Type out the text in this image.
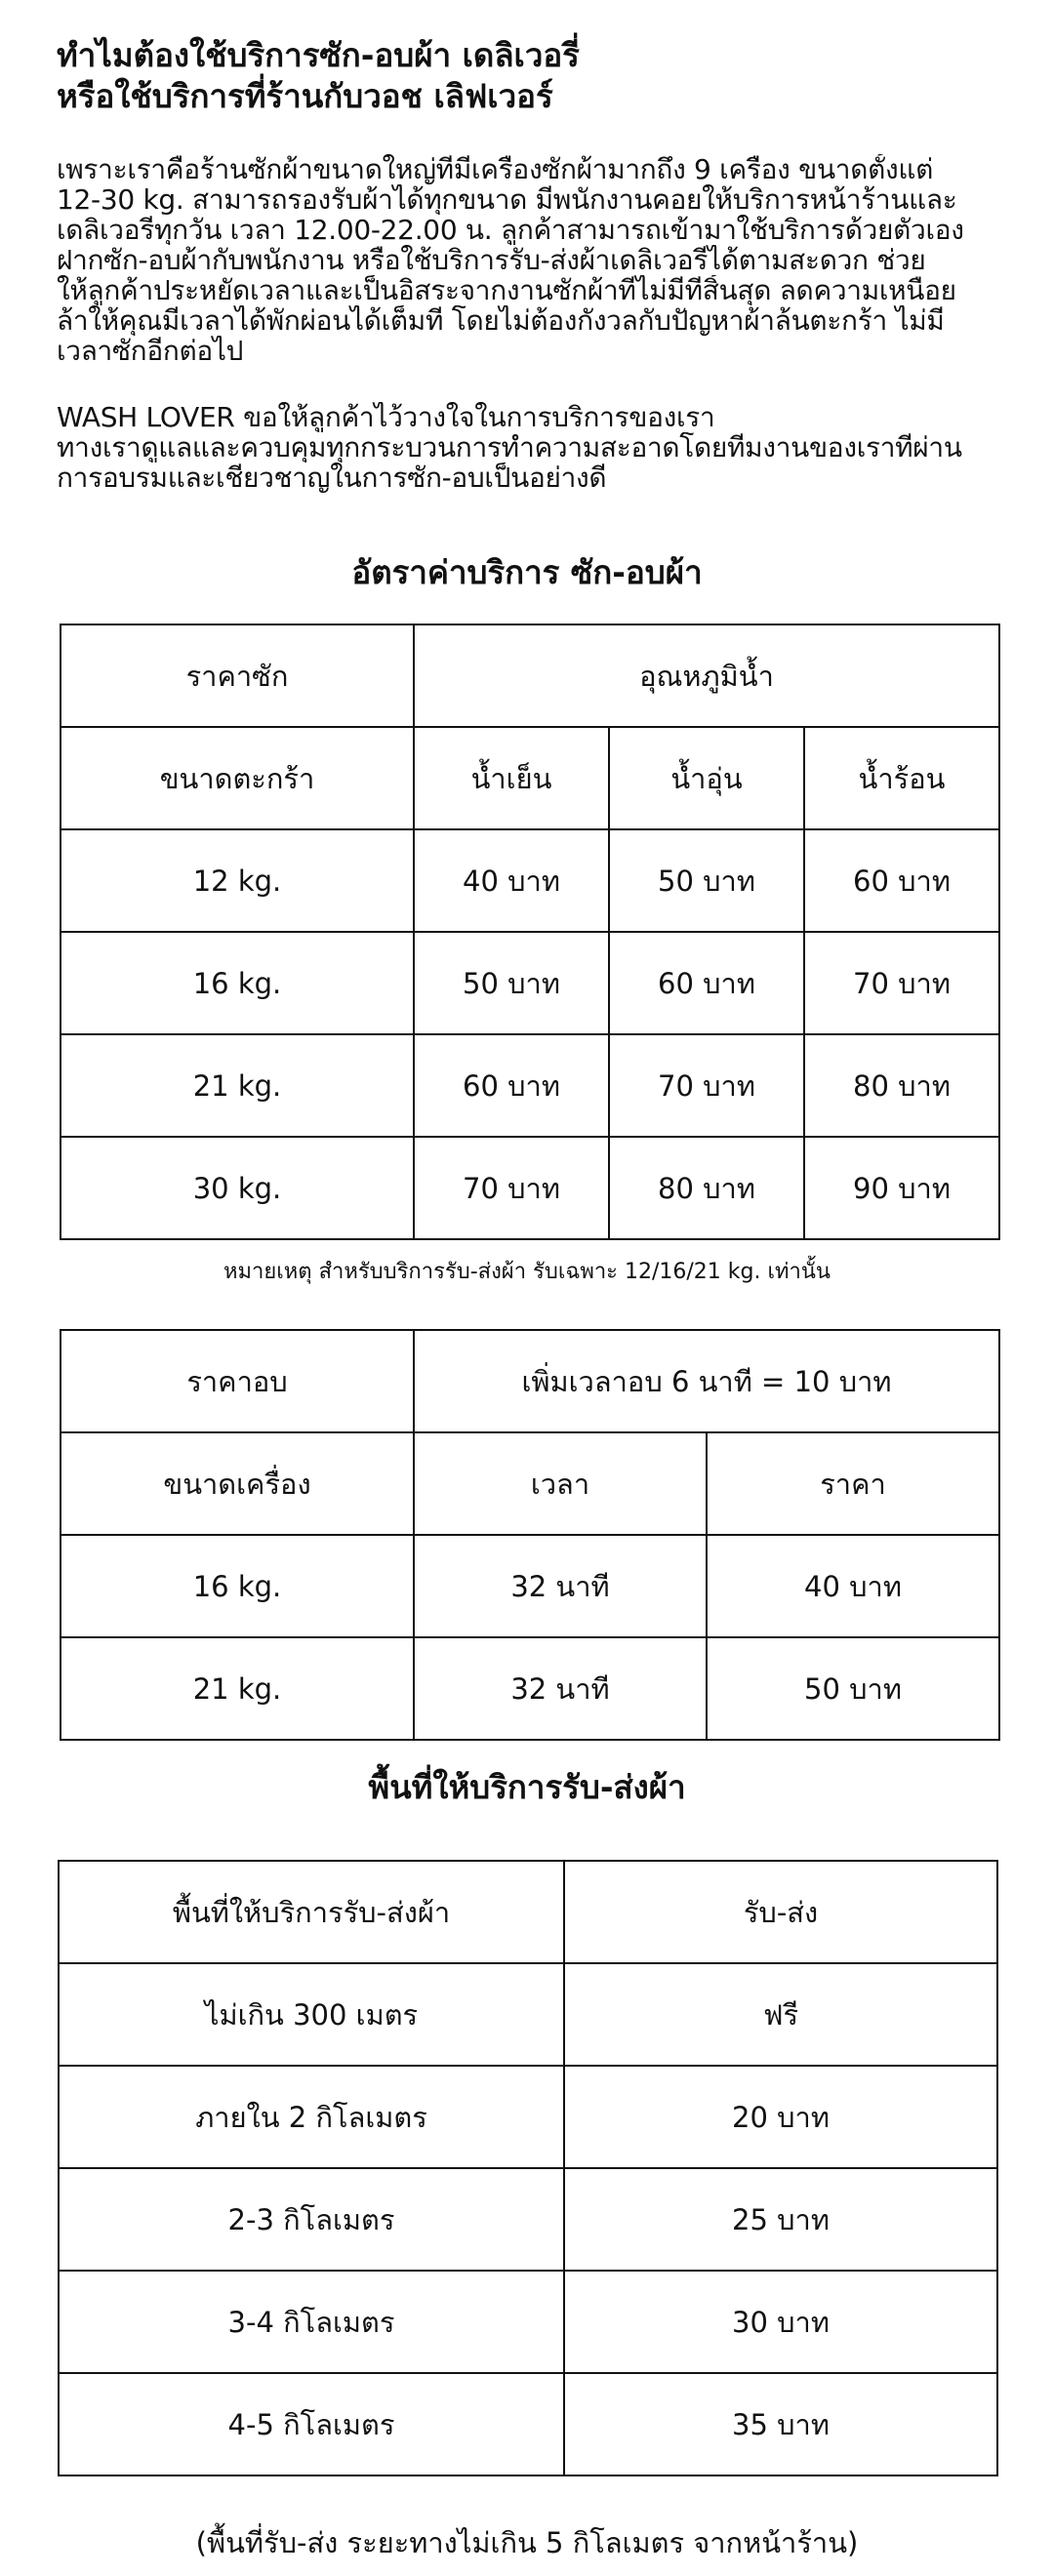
ทำไมต้องใช้บริการซัก-อบผ้า เดลิเวอรี่
หรือใช้บริการที่ร้านกับวอช เลิฟเวอร์
เพราะเราคือร้านซักผ้าขนาดใหญ่ที่มีเครื่องซักผ้ามากถึง 9 เครื่อง ขนาดตั้งแต่
12-30 kg. สามารถรองรับผ้าได้ทุกขนาด มีพนักงานคอยให้บริการหน้าร้านและ
เดลิเวอรี่ทุกวัน เวลา 12.00-22.00 น. ลูกค้าสามารถเข้ามาใช้บริการด้วยตัวเอง
ฝากซัก-อบผ้ากับพนักงาน หรือใช้บริการรับ-ส่งผ้าเดลิเวอรี่ได้ตามสะดวก ช่วย
ให้ลูกค้าประหยัดเวลาและเป็นอิสระจากงานซักผ้าที่ไม่มีที่สิ้นสุด ลดความเหนื่อย
ล้าให้คุณมีเวลาได้พักผ่อนได้เต็มที่ โดยไม่ต้องกังวลกับปัญหาผ้าล้นตะกร้า ไม่มี
เวลาซักอีกต่อไป
WASH LOVER ขอให้ลูกค้าไว้วางใจในการบริการของเรา
ทางเราดูแลและควบคุมทุกกระบวนการทำความสะอาดโดยทีมงานของเราที่ผ่าน
การอบรมและเชี่ยวชาญในการซัก-อบเป็นอย่างดี
อัตราค่าบริการ ซัก-อบผ้า
ราคาซัก	อุณหภูมิน้ำ		
ขนาดตะกร้า	น้ำเย็น	น้ำอุ่น	น้ำร้อน
12 kg.	40 บาท	50 บาท	60 บาท
16 kg.	50 บาท	60 บาท	70 บาท
21 kg.	60 บาท	70 บาท	80 บาท
30 kg.	70 บาท	80 บาท	90 บาท
หมายเหตุ สำหรับบริการรับ-ส่งผ้า รับเฉพาะ 12/16/21 kg. เท่านั้น
ราคาอบ	เพิ่มเวลาอบ 6 นาที = 10 บาท	
ขนาดเครื่อง	เวลา	ราคา
16 kg.	32 นาที	40 บาท
21 kg.	32 นาที	50 บาท
พื้นที่ให้บริการรับ-ส่งผ้า
พื้นที่ให้บริการรับ-ส่งผ้า	รับ-ส่ง
ไม่เกิน 300 เมตร	ฟรี
ภายใน 2 กิโลเมตร	20 บาท
2-3 กิโลเมตร	25 บาท
3-4 กิโลเมตร	30 บาท
4-5 กิโลเมตร	35 บาท
(พื้นที่รับ-ส่ง ระยะทางไม่เกิน 5 กิโลเมตร จากหน้าร้าน)
